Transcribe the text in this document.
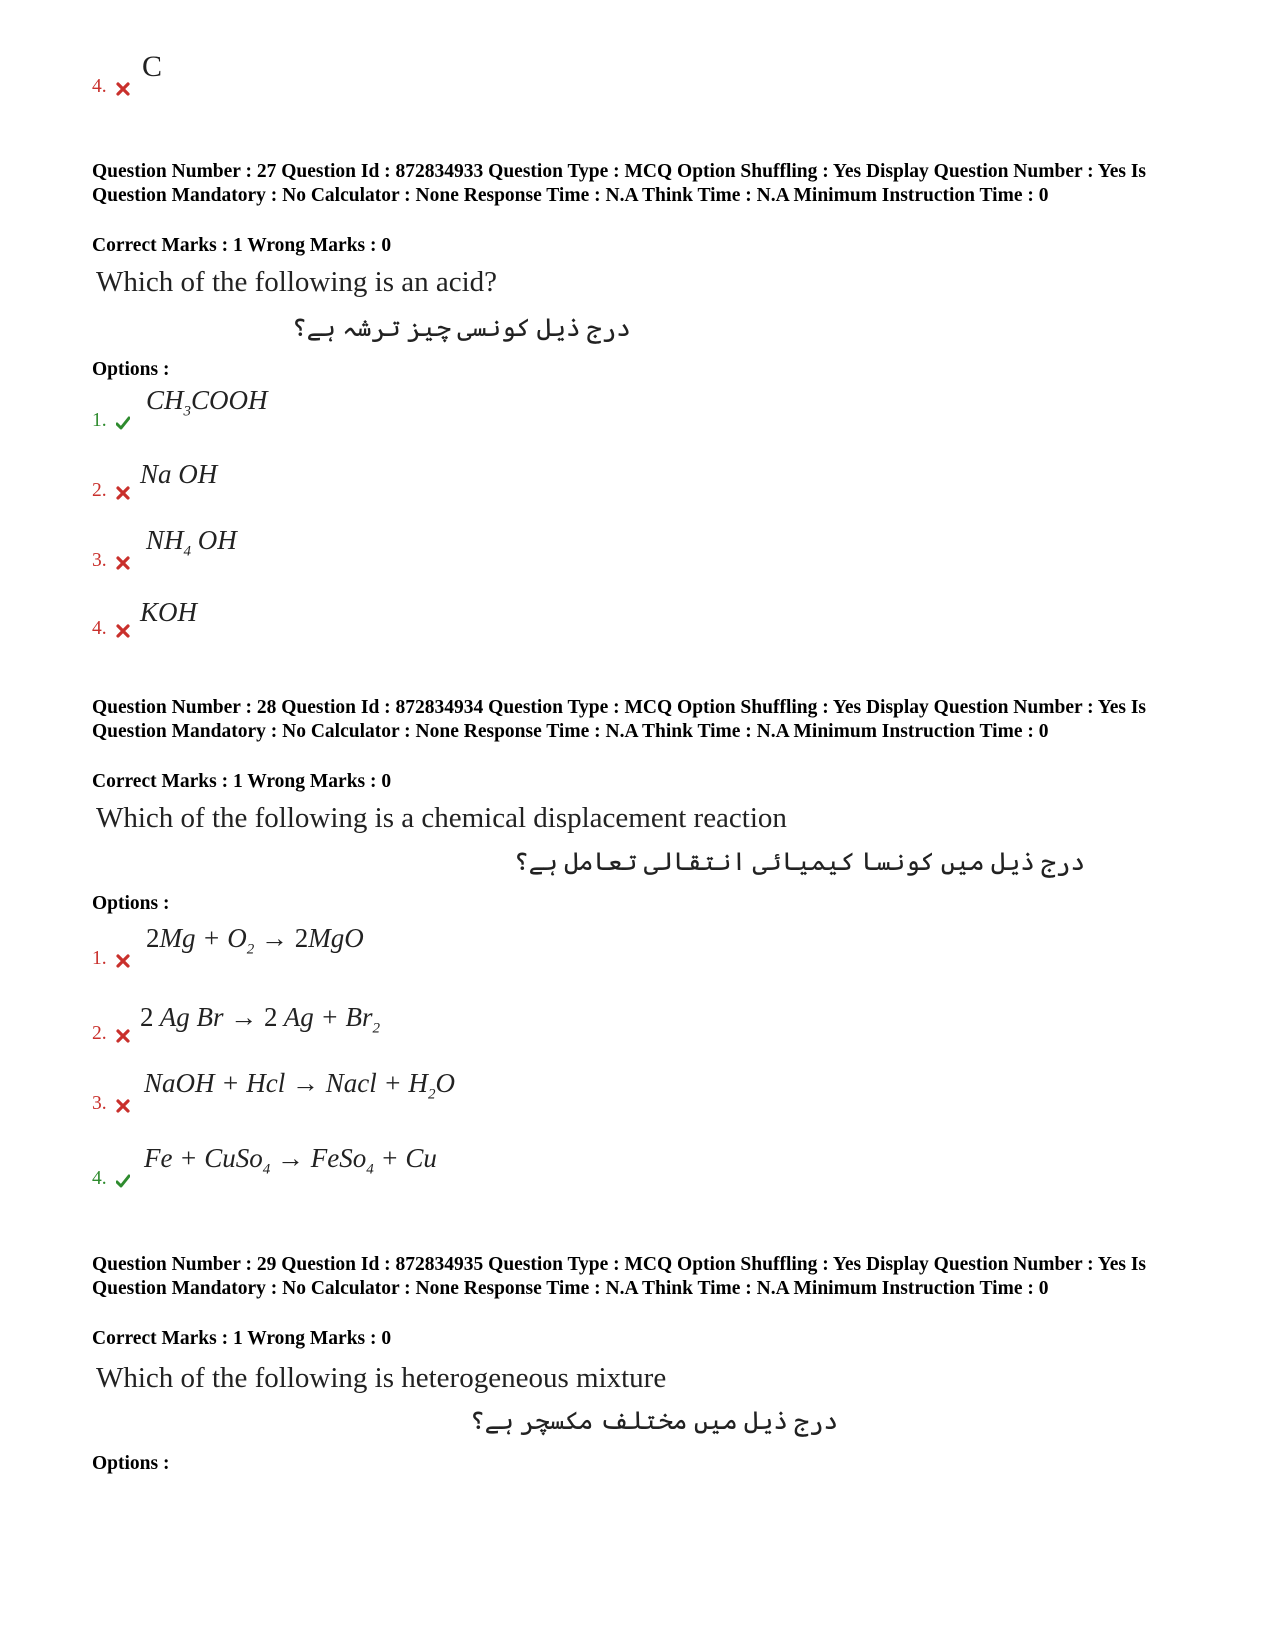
4.
C
Question Number : 27 Question Id : 872834933 Question Type : MCQ Option Shuffling : Yes Display Question Number : Yes Is Question Mandatory : No Calculator : None Response Time : N.A Think Time : N.A Minimum Instruction Time : 0
Correct Marks : 1 Wrong Marks : 0
Which of the following is an acid?
درج ذیل کونسی چیز ترشہ ہے؟
Options :
1.
$CH_3COOH$
2.
Na OH
3.
$NH_4$ OH
4.
KOH
Question Number : 28 Question Id : 872834934 Question Type : MCQ Option Shuffling : Yes Display Question Number : Yes Is Question Mandatory : No Calculator : None Response Time : N.A Think Time : N.A Minimum Instruction Time : 0
Correct Marks : 1 Wrong Marks : 0
Which of the following is a chemical displacement reaction
درج ذیل میں کونسا کیمیائی انتقالی تعامل ہے؟
Options :
1.
$2Mg + O_2 \to 2MgO$
2.
2 Ag Br → 2 $Ag + Br_2$
3.
NaOH + Hcl → Nacl + $H_2O$
4.
Fe + CuSo$_4$ → FeSo$_4$ + Cu
Question Number : 29 Question Id : 872834935 Question Type : MCQ Option Shuffling : Yes Display Question Number : Yes Is Question Mandatory : No Calculator : None Response Time : N.A Think Time : N.A Minimum Instruction Time : 0
Correct Marks : 1 Wrong Marks : 0
Which of the following is heterogeneous mixture
درج ذیل میں مختلف مکسچر ہے؟
Options :
